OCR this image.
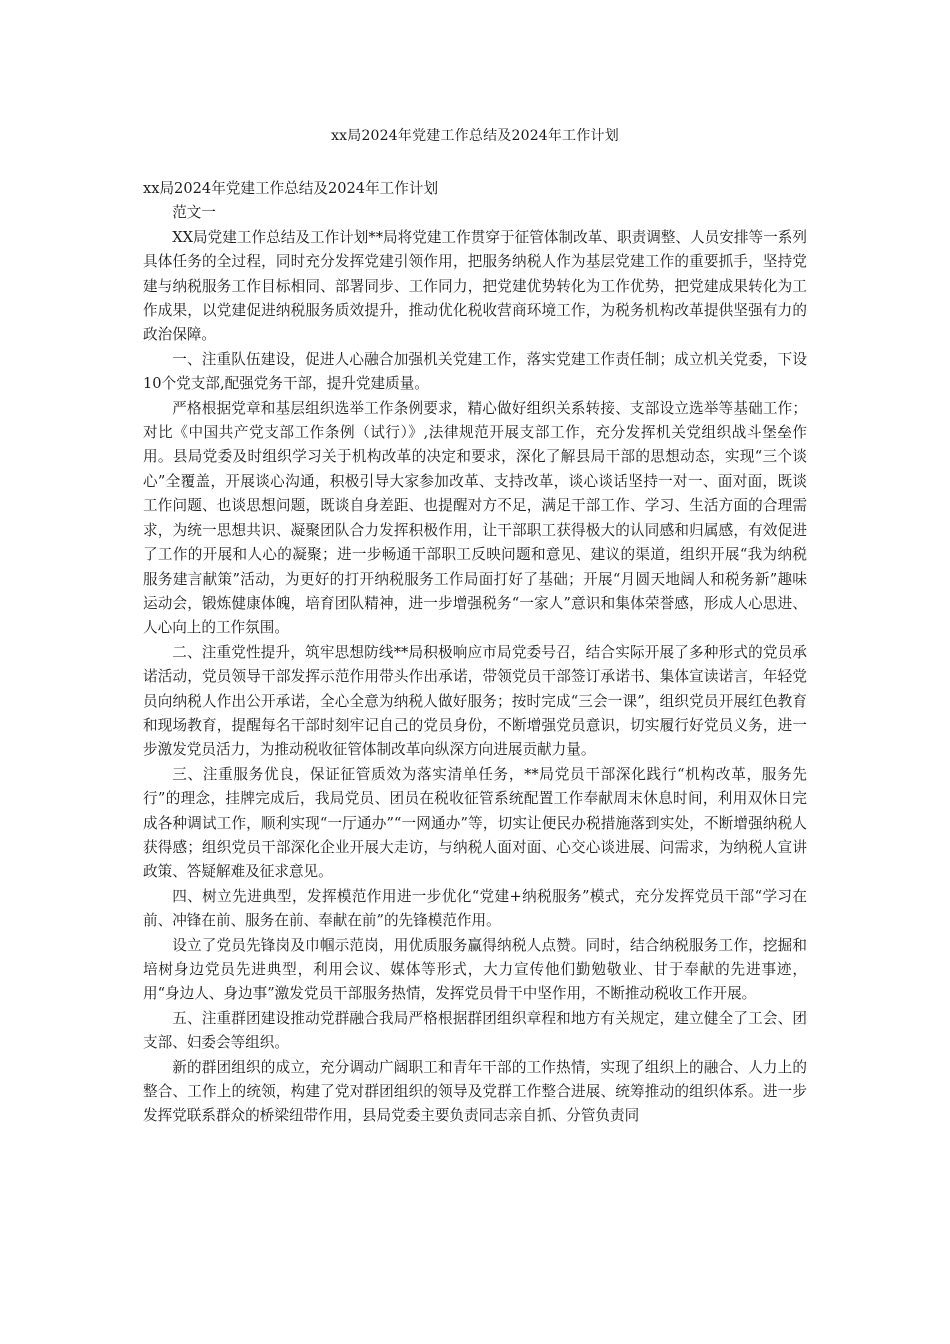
xx局2024年党建工作总结及2024年工作计划

xx局2024年党建工作总结及2024年工作计划

范文一

XX局党建工作总结及工作计划**局将党建工作贯穿于征管体制改革、职责调整、人员安排等一系列具体任务的全过程，同时充分发挥党建引领作用，把服务纳税人作为基层党建工作的重要抓手，坚持党建与纳税服务工作目标相同、部署同步、工作同力，把党建优势转化为工作优势，把党建成果转化为工作成果，以党建促进纳税服务质效提升，推动优化税收营商环境工作，为税务机构改革提供坚强有力的政治保障。

一、注重队伍建设，促进人心融合加强机关党建工作，落实党建工作责任制；成立机关党委，下设10个党支部,配强党务干部，提升党建质量。

严格根据党章和基层组织选举工作条例要求，精心做好组织关系转接、支部设立选举等基础工作；对比《中国共产党支部工作条例（试行）》,法律规范开展支部工作，充分发挥机关党组织战斗堡垒作用。县局党委及时组织学习关于机构改革的决定和要求，深化了解县局干部的思想动态，实现“三个谈心”全覆盖，开展谈心沟通，积极引导大家参加改革、支持改革，谈心谈话坚持一对一、面对面，既谈工作问题、也谈思想问题，既谈自身差距、也提醒对方不足，满足干部工作、学习、生活方面的合理需求，为统一思想共识、凝聚团队合力发挥积极作用，让干部职工获得极大的认同感和归属感，有效促进了工作的开展和人心的凝聚；进一步畅通干部职工反映问题和意见、建议的渠道，组织开展“我为纳税服务建言献策”活动，为更好的打开纳税服务工作局面打好了基础；开展“月圆天地阔人和税务新”趣味运动会，锻炼健康体魄，培育团队精神，进一步增强税务“一家人”意识和集体荣誉感，形成人心思进、人心向上的工作氛围。

二、注重党性提升，筑牢思想防线**局积极响应市局党委号召，结合实际开展了多种形式的党员承诺活动，党员领导干部发挥示范作用带头作出承诺，带领党员干部签订承诺书、集体宣读诺言，年轻党员向纳税人作出公开承诺，全心全意为纳税人做好服务；按时完成“三会一课”，组织党员开展红色教育和现场教育，提醒每名干部时刻牢记自己的党员身份，不断增强党员意识，切实履行好党员义务，进一步激发党员活力，为推动税收征管体制改革向纵深方向进展贡献力量。

三、注重服务优良，保证征管质效为落实清单任务，**局党员干部深化践行“机构改革，服务先行”的理念，挂牌完成后，我局党员、团员在税收征管系统配置工作奉献周末休息时间，利用双休日完成各种调试工作，顺利实现“一厅通办”“一网通办”等，切实让便民办税措施落到实处，不断增强纳税人获得感；组织党员干部深化企业开展大走访，与纳税人面对面、心交心谈进展、问需求，为纳税人宣讲政策、答疑解难及征求意见。

四、树立先进典型，发挥模范作用进一步优化“党建+纳税服务”模式，充分发挥党员干部“学习在前、冲锋在前、服务在前、奉献在前”的先锋模范作用。

设立了党员先锋岗及巾帼示范岗，用优质服务赢得纳税人点赞。同时，结合纳税服务工作，挖掘和培树身边党员先进典型，利用会议、媒体等形式，大力宣传他们勤勉敬业、甘于奉献的先进事迹，用“身边人、身边事”激发党员干部服务热情，发挥党员骨干中坚作用，不断推动税收工作开展。

五、注重群团建设推动党群融合我局严格根据群团组织章程和地方有关规定，建立健全了工会、团支部、妇委会等组织。

新的群团组织的成立，充分调动广阔职工和青年干部的工作热情，实现了组织上的融合、人力上的整合、工作上的统领，构建了党对群团组织的领导及党群工作整合进展、统筹推动的组织体系。进一步发挥党联系群众的桥梁纽带作用，县局党委主要负责同志亲自抓、分管负责同
